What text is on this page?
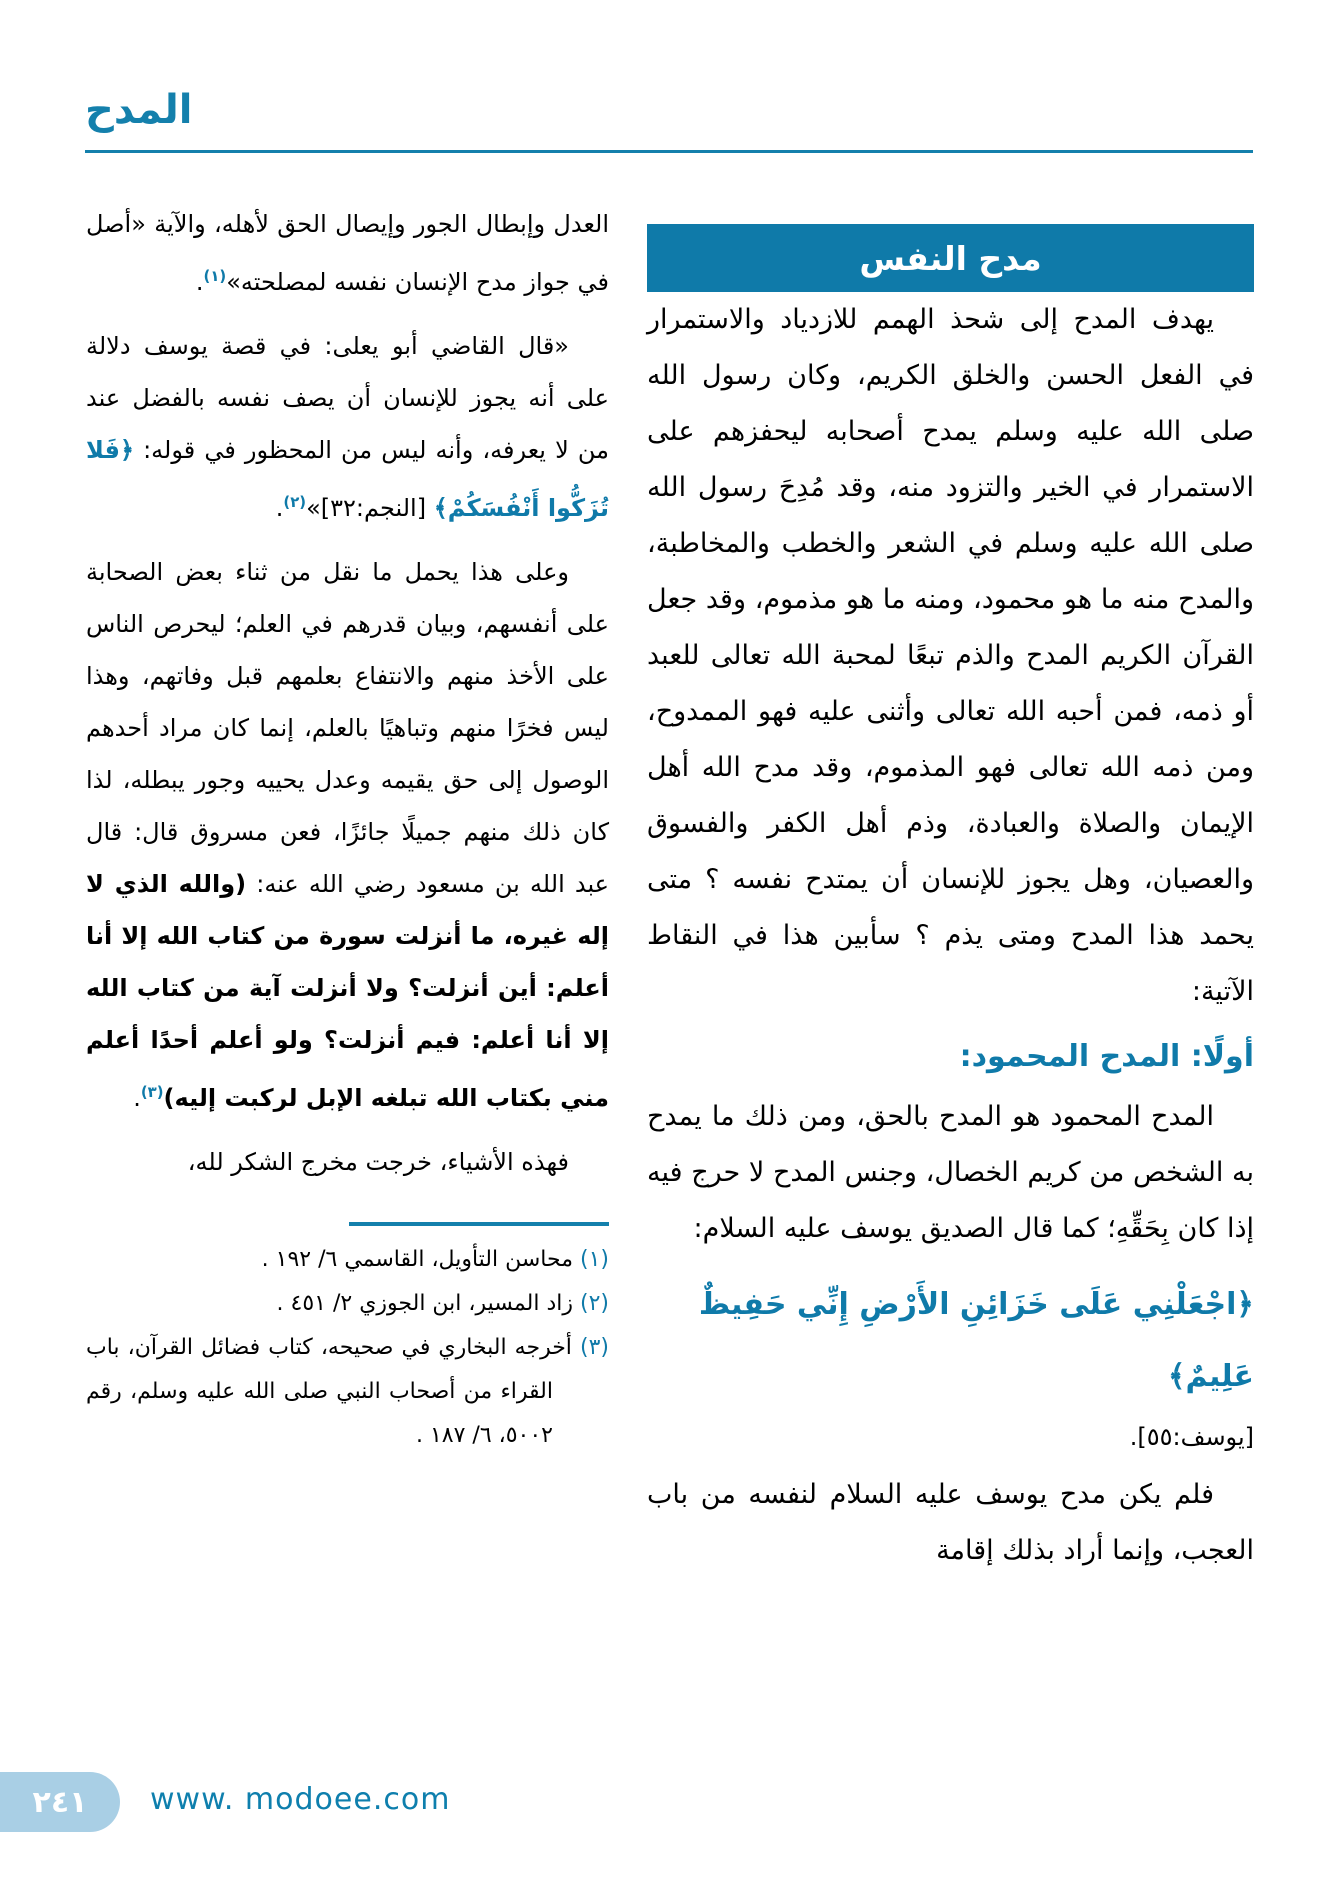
المدح
مدح النفس

يهدف المدح إلى شحذ الهمم للازدياد والاستمرار في الفعل الحسن والخلق الكريم، وكان رسول الله صلى الله عليه وسلم يمدح أصحابه ليحفزهم على الاستمرار في الخير والتزود منه، وقد مُدِحَ رسول الله صلى الله عليه وسلم في الشعر والخطب والمخاطبة، والمدح منه ما هو محمود، ومنه ما هو مذموم، وقد جعل القرآن الكريم المدح والذم تبعًا لمحبة الله تعالى للعبد أو ذمه، فمن أحبه الله تعالى وأثنى عليه فهو الممدوح، ومن ذمه الله تعالى فهو المذموم، وقد مدح الله أهل الإيمان والصلاة والعبادة، وذم أهل الكفر والفسوق والعصيان، وهل يجوز للإنسان أن يمتدح نفسه ؟ متى يحمد هذا المدح ومتى يذم ؟ سأبين هذا في النقاط الآتية:

أولًا: المدح المحمود:

المدح المحمود هو المدح بالحق، ومن ذلك ما يمدح به الشخص من كريم الخصال، وجنس المدح لا حرج فيه إذا كان بِحَقِّهِ؛ كما قال الصديق يوسف عليه السلام:

﴿اجْعَلْنِي عَلَى خَزَائِنِ الأَرْضِ إِنِّي حَفِيظٌ عَلِيمٌ﴾
[يوسف:٥٥].

فلم يكن مدح يوسف عليه السلام لنفسه من باب العجب، وإنما أراد بذلك إقامة

العدل وإبطال الجور وإيصال الحق لأهله، والآية «أصل في جواز مدح الإنسان نفسه لمصلحته»$^{(١)}$.

«قال القاضي أبو يعلى: في قصة يوسف دلالة على أنه يجوز للإنسان أن يصف نفسه بالفضل عند من لا يعرفه، وأنه ليس من المحظور في قوله: ﴿فَلا تُزَكُّوا أَنْفُسَكُمْ﴾ [النجم:٣٢]»$^{(٢)}$.

وعلى هذا يحمل ما نقل من ثناء بعض الصحابة على أنفسهم، وبيان قدرهم في العلم؛ ليحرص الناس على الأخذ منهم والانتفاع بعلمهم قبل وفاتهم، وهذا ليس فخرًا منهم وتباهيًا بالعلم، إنما كان مراد أحدهم الوصول إلى حق يقيمه وعدل يحييه وجور يبطله، لذا كان ذلك منهم جميلًا جائزًا، فعن مسروق قال: قال عبد الله بن مسعود رضي الله عنه: (والله الذي لا إله غيره، ما أنزلت سورة من كتاب الله إلا أنا أعلم: أين أنزلت؟ ولا أنزلت آية من كتاب الله إلا أنا أعلم: فيم أنزلت؟ ولو أعلم أحدًا أعلم مني بكتاب الله تبلغه الإبل لركبت إليه)$^{(٣)}$.

فهذه الأشياء، خرجت مخرج الشكر لله،

(١) محاسن التأويل، القاسمي ٦/ ١٩٢ .
(٢) زاد المسير، ابن الجوزي ٢/ ٤٥١ .
(٣) أخرجه البخاري في صحيحه، كتاب فضائل القرآن، باب القراء من أصحاب النبي صلى الله عليه وسلم، رقم ٥٠٠٢، ٦/ ١٨٧ .
٢٤١ www. modoee.com
